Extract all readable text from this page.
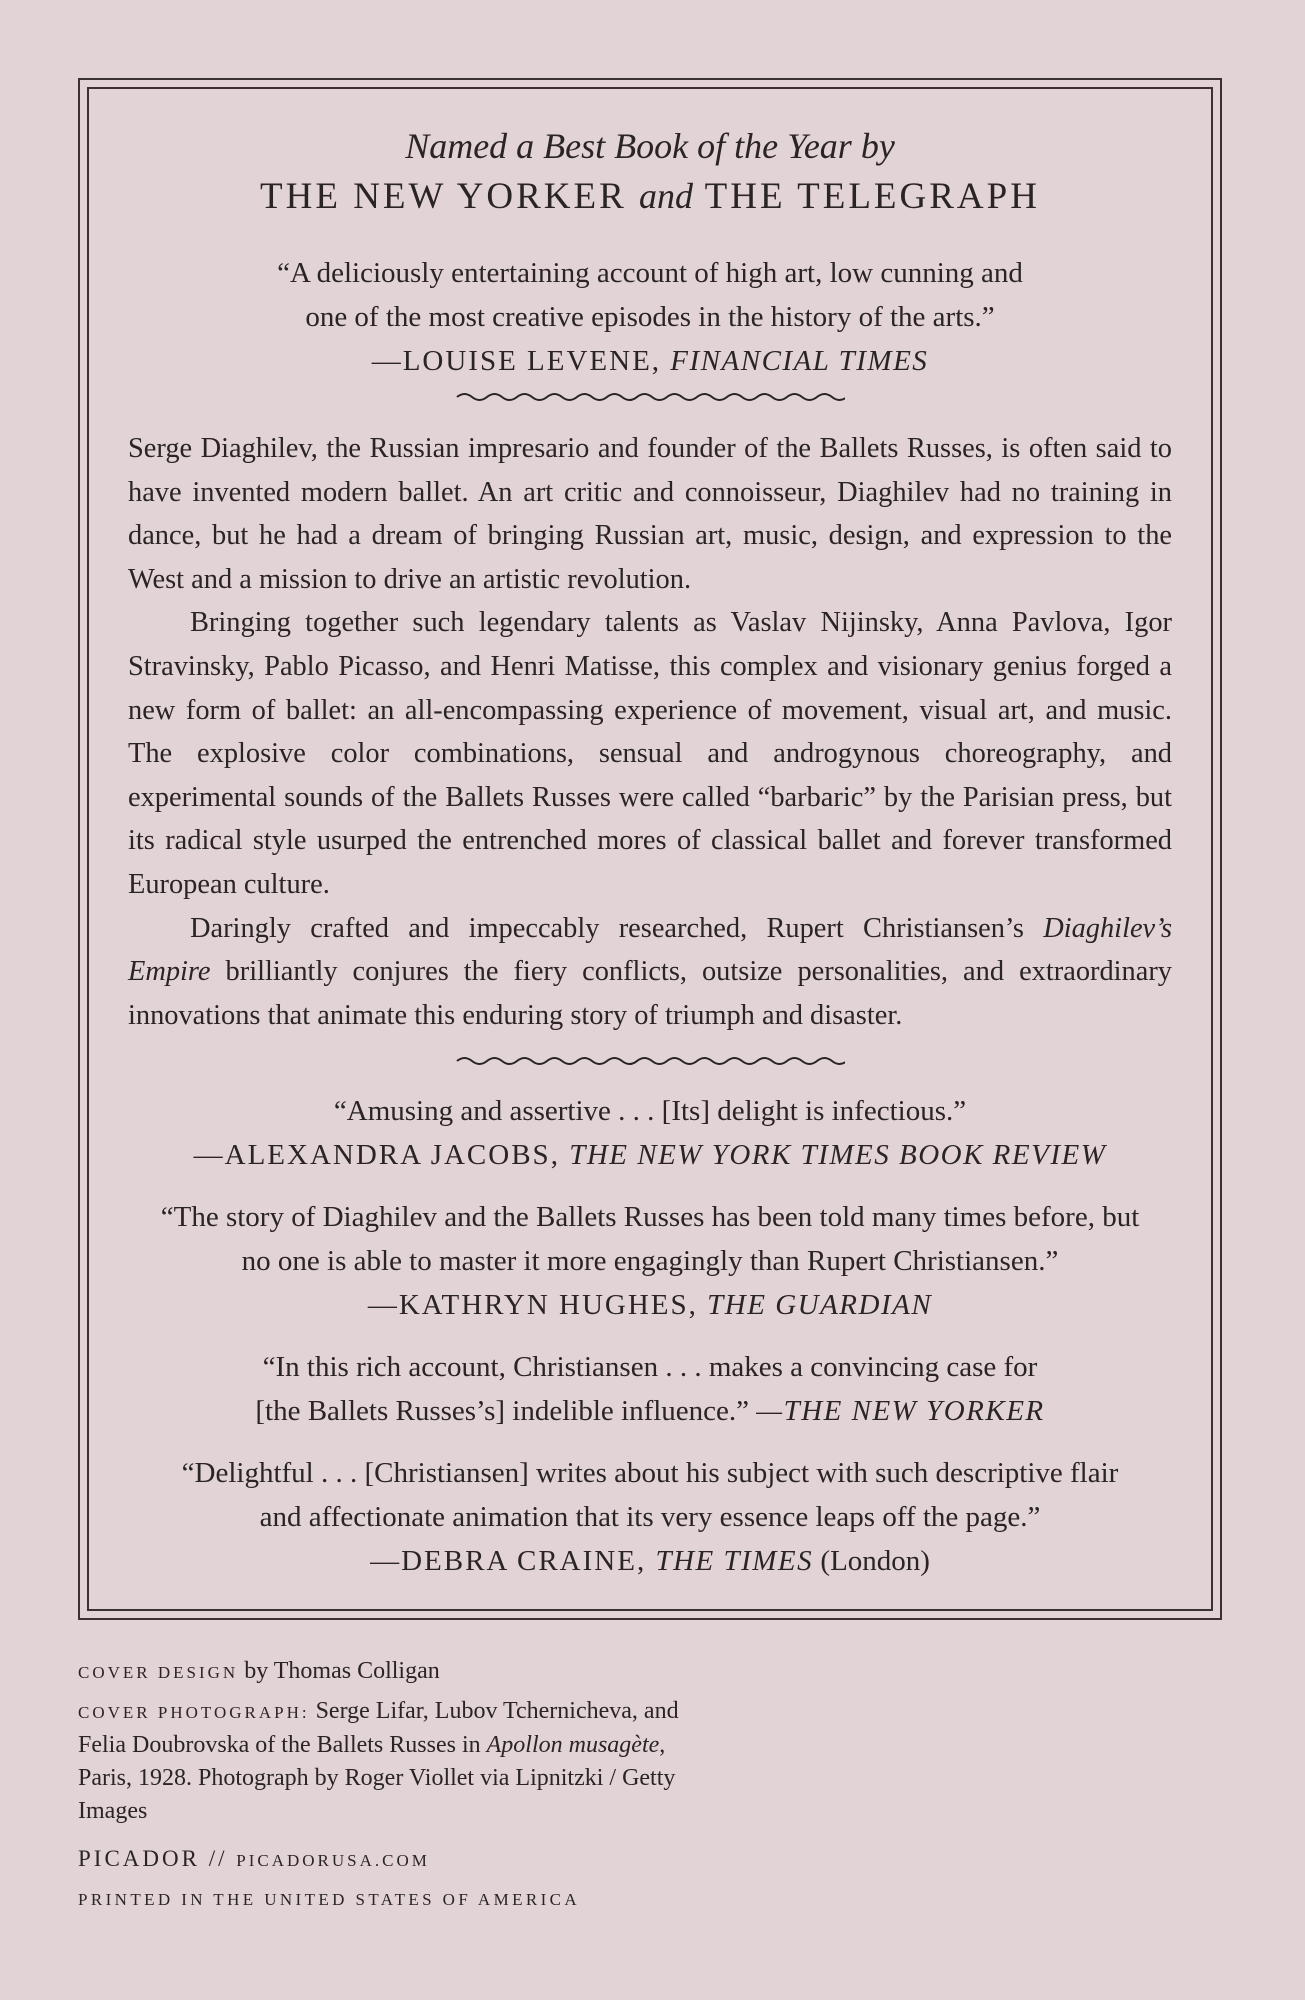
Named a Best Book of the Year by

THE NEW YORKER and THE TELEGRAPH

“A deliciously entertaining account of high art, low cunning and

one of the most creative episodes in the history of the arts.”

—LOUISE LEVENE, FINANCIAL TIMES

Serge Diaghilev, the Russian impresario and founder of the Ballets Russes, is often said to have invented modern ballet. An art critic and connoisseur, Diaghilev had no training in dance, but he had a dream of bringing Russian art, music, design, and expression to the West and a mission to drive an artistic revolution.

Bringing together such legendary talents as Vaslav Nijinsky, Anna Pavlova, Igor Stravinsky, Pablo Picasso, and Henri Matisse, this complex and visionary genius forged a new form of ballet: an all-encompassing experience of movement, visual art, and music. The explosive color combinations, sensual and androgynous choreography, and experimental sounds of the Ballets Russes were called “barbaric” by the Parisian press, but its radical style usurped the entrenched mores of classical ballet and forever transformed European culture.

Daringly crafted and impeccably researched, Rupert Christiansen’s Diaghilev’s Empire brilliantly conjures the fiery conflicts, outsize personalities, and extraordinary innovations that animate this enduring story of triumph and disaster.

“Amusing and assertive . . . [Its] delight is infectious.”

—ALEXANDRA JACOBS, THE NEW YORK TIMES BOOK REVIEW

“The story of Diaghilev and the Ballets Russes has been told many times before, but

no one is able to master it more engagingly than Rupert Christiansen.”

—KATHRYN HUGHES, THE GUARDIAN

“In this rich account, Christiansen . . . makes a convincing case for

[the Ballets Russes’s] indelible influence.” —THE NEW YORKER

“Delightful . . . [Christiansen] writes about his subject with such descriptive flair

and affectionate animation that its very essence leaps off the page.”

—DEBRA CRAINE, THE TIMES (London)

COVER DESIGN by Thomas Colligan

COVER PHOTOGRAPH: Serge Lifar, Lubov Tchernicheva, and Felia Doubrovska of the Ballets Russes in Apollon musagète, Paris, 1928. Photograph by Roger Viollet via Lipnitzki / Getty Images

PICADOR // PICADORUSA.COM

PRINTED IN THE UNITED STATES OF AMERICA
